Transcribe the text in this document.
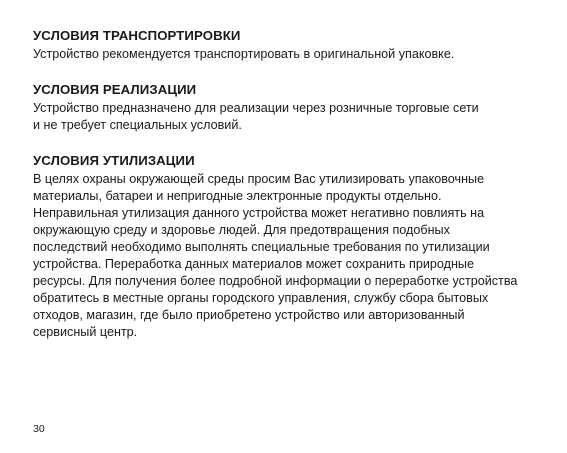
УСЛОВИЯ ТРАНСПОРТИРОВКИ
Устройство рекомендуется транспортировать в оригинальной упаковке.
УСЛОВИЯ РЕАЛИЗАЦИИ
Устройство предназначено для реализации через розничные торговые сети
и не требует специальных условий.
УСЛОВИЯ УТИЛИЗАЦИИ
В целях охраны окружающей среды просим Вас утилизировать упаковочные
материалы, батареи и непригодные электронные продукты отдельно.
Неправильная утилизация данного устройства может негативно повлиять на
окружающую среду и здоровье людей. Для предотвращения подобных
последствий необходимо выполнять специальные требования по утилизации
устройства. Переработка данных материалов может сохранить природные
ресурсы. Для получения более подробной информации о переработке устройства
обратитесь в местные органы городского управления, службу сбора бытовых
отходов, магазин, где было приобретено устройство или авторизованный
сервисный центр.
30
